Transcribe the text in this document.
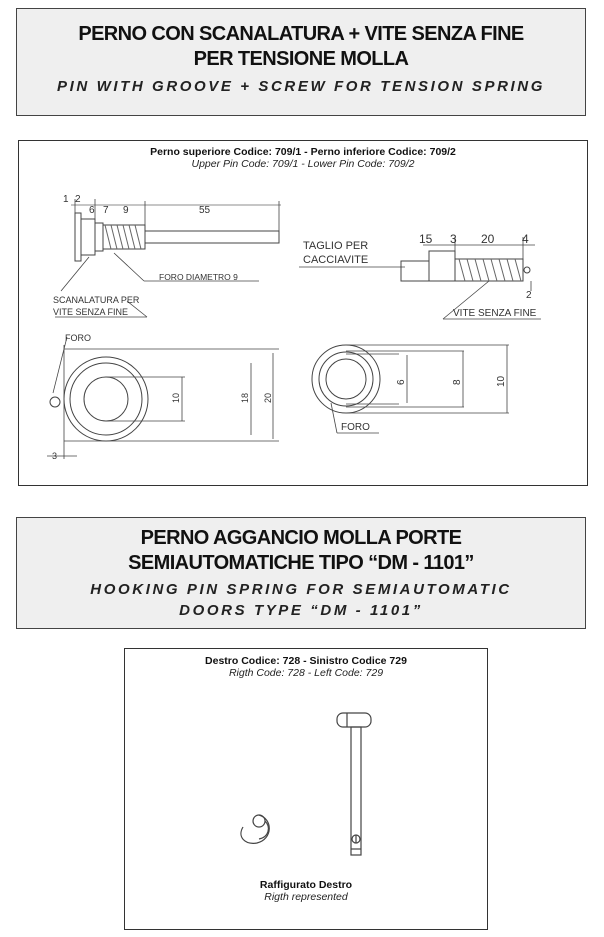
PERNO CON SCANALATURA + VITE SENZA FINE
PER TENSIONE MOLLA
PIN WITH GROOVE + SCREW FOR TENSION SPRING
Perno superiore Codice: 709/1 - Perno inferiore Codice: 709/2
Upper Pin Code: 709/1 - Lower Pin Code: 709/2
1 2
6 7 9	55
FORO DIAMETRO 9
SCANALATURA PER
VITE SENZA FINE
TAGLIO PER
CACCIAVITE
15 3 20 4
2
VITE SENZA FINE
FORO
10	18 20
3
6	8	10
FORO
PERNO AGGANCIO MOLLA PORTE
SEMIAUTOMATICHE TIPO “DM - 1101”
HOOKING PIN SPRING FOR SEMIAUTOMATIC
DOORS TYPE “DM - 1101”
Destro Codice: 728 - Sinistro Codice 729
Rigth Code: 728 - Left Code: 729
Raffigurato Destro
Rigth represented
